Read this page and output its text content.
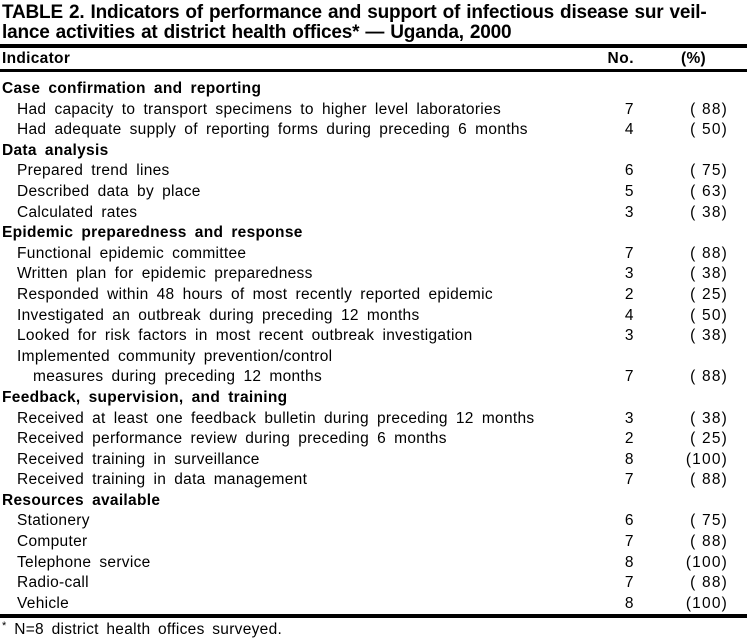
TABLE 2. Indicators of performance and support of infectious disease sur veil-
lance activities at district health offices* — Uganda, 2000
Indicator	No.	(%)
Case confirmation and reporting
Had capacity to transport specimens to higher level laboratories	7	( 88)
Had adequate supply of reporting forms during preceding 6 months	4	( 50)
Data analysis
Prepared trend lines	6	( 75)
Described data by place	5	( 63)
Calculated rates	3	( 38)
Epidemic preparedness and response
Functional epidemic committee	7	( 88)
Written plan for epidemic preparedness	3	( 38)
Responded within 48 hours of most recently reported epidemic	2	( 25)
Investigated an outbreak during preceding 12 months	4	( 50)
Looked for risk factors in most recent outbreak investigation	3	( 38)
Implemented community prevention/control
measures during preceding 12 months	7	( 88)
Feedback, supervision, and training
Received at least one feedback bulletin during preceding 12 months	3	( 38)
Received performance review during preceding 6 months	2	( 25)
Received training in surveillance	8	(100)
Received training in data management	7	( 88)
Resources available
Stationery	6	( 75)
Computer	7	( 88)
Telephone service	8	(100)
Radio-call	7	( 88)
Vehicle	8	(100)
* N=8 district health offices surveyed.
